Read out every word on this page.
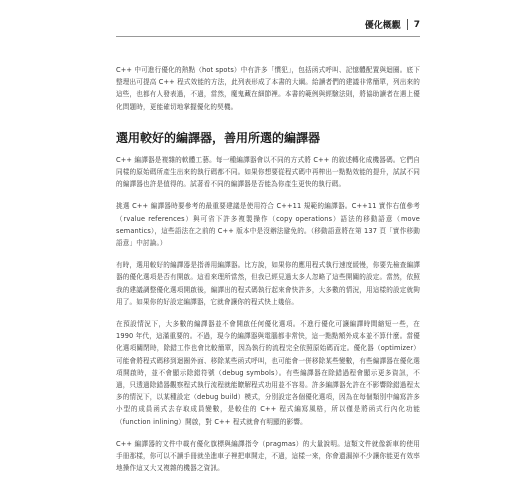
優化概觀 7

C++ 中可進行優化的熱點（hot spots）中有許多「慣犯」，包括函式呼叫、記憶體配置與迴圈。底下整理出可提高 C++ 程式效能的方法，此列表形成了本書的大綱。給讀者們的建議非常簡單，列出來的這些，也都有人發表過，不過，當然，魔鬼藏在細節裡。本書的範例與經驗法則，將協助讀者在遇上優化問題時，更能確切地掌握優化的契機。

選用較好的編譯器，善用所選的編譯器

C++ 編譯器是複雜的軟體工藝。每一種編譯器會以不同的方式將 C++ 的敘述轉化成機器碼。它們自同樣的原始碼所產生出來的執行碼都不同。如果你想要從程式碼中再榨出一點點效能的提升，試試不同的編譯器也許是值得的。試著看不同的編譯器是否能為你產生更快的執行碼。

挑選 C++ 編譯器時要參考的最重要建議是使用符合 C++11 規範的編譯器。C++11 實作右值參考（rvalue references）與可省下許多複製操作（copy operations）語法的移動語意（move semantics），這些語法在之前的 C++ 版本中是沒辦法避免的。（移動語意將在第 137 頁「實作移動語意」中討論。）

有時，選用較好的編譯器是指善用編譯器。比方說，如果你的應用程式執行速度緩慢，你要先檢查編譯器的優化選項是否有開啟。這看來理所當然，但我已經見過太多人忽略了這些開關的設定。當然，依照我的建議調整優化選項開啟後，編譯出的程式碼執行起來會快許多，大多數的情況，用這樣的設定就夠用了。如果你的好設定編譯器，它就會讓你的程式快上幾倍。

在預設情況下，大多數的編譯器並不會開啟任何優化選項。不進行優化可讓編譯時間縮短一些，在 1990 年代，這滿重要的。不過，現今的編譯器與電腦都非常快，這一點點額外成本並不算什麼。當優化選項關閉時，除錯工作也會比較簡單，因為執行的流程完全依照原始碼而定。優化器（optimizer）可能會將程式碼移到迴圈外面、移除某些函式呼叫，也可能會一併移除某些變數，有些編譯器在優化選項開啟時，並不會顯示除錯符號（debug symbols）。有些編譯器在除錯過程會顯示更多資訊，不過，只透過除錯器觀察程式執行流程就能瞭解程式功用並不容易。許多編譯器允許在不影響除錯過程太多的情況下，以某種設定（debug build）模式，分別設定各個優化選項，因為在每個類別中編寫許多小型的成員函式去存取成員變數，是較佳的 C++ 程式編寫風格，所以僅是將函式行內化功能（function inlining）開啟，對 C++ 程式就會有明顯的影響。

C++ 編譯器的文件中載有優化旗標與編譯指令（pragmas）的大量說明。這類文件就像新車的使用手冊那樣，你可以不讀手冊就坐進車子裡把車開走，不過，這樣一來，你會遺漏掉不少讓你能更有效率地操作這又大又複雜的機器之資訊。
